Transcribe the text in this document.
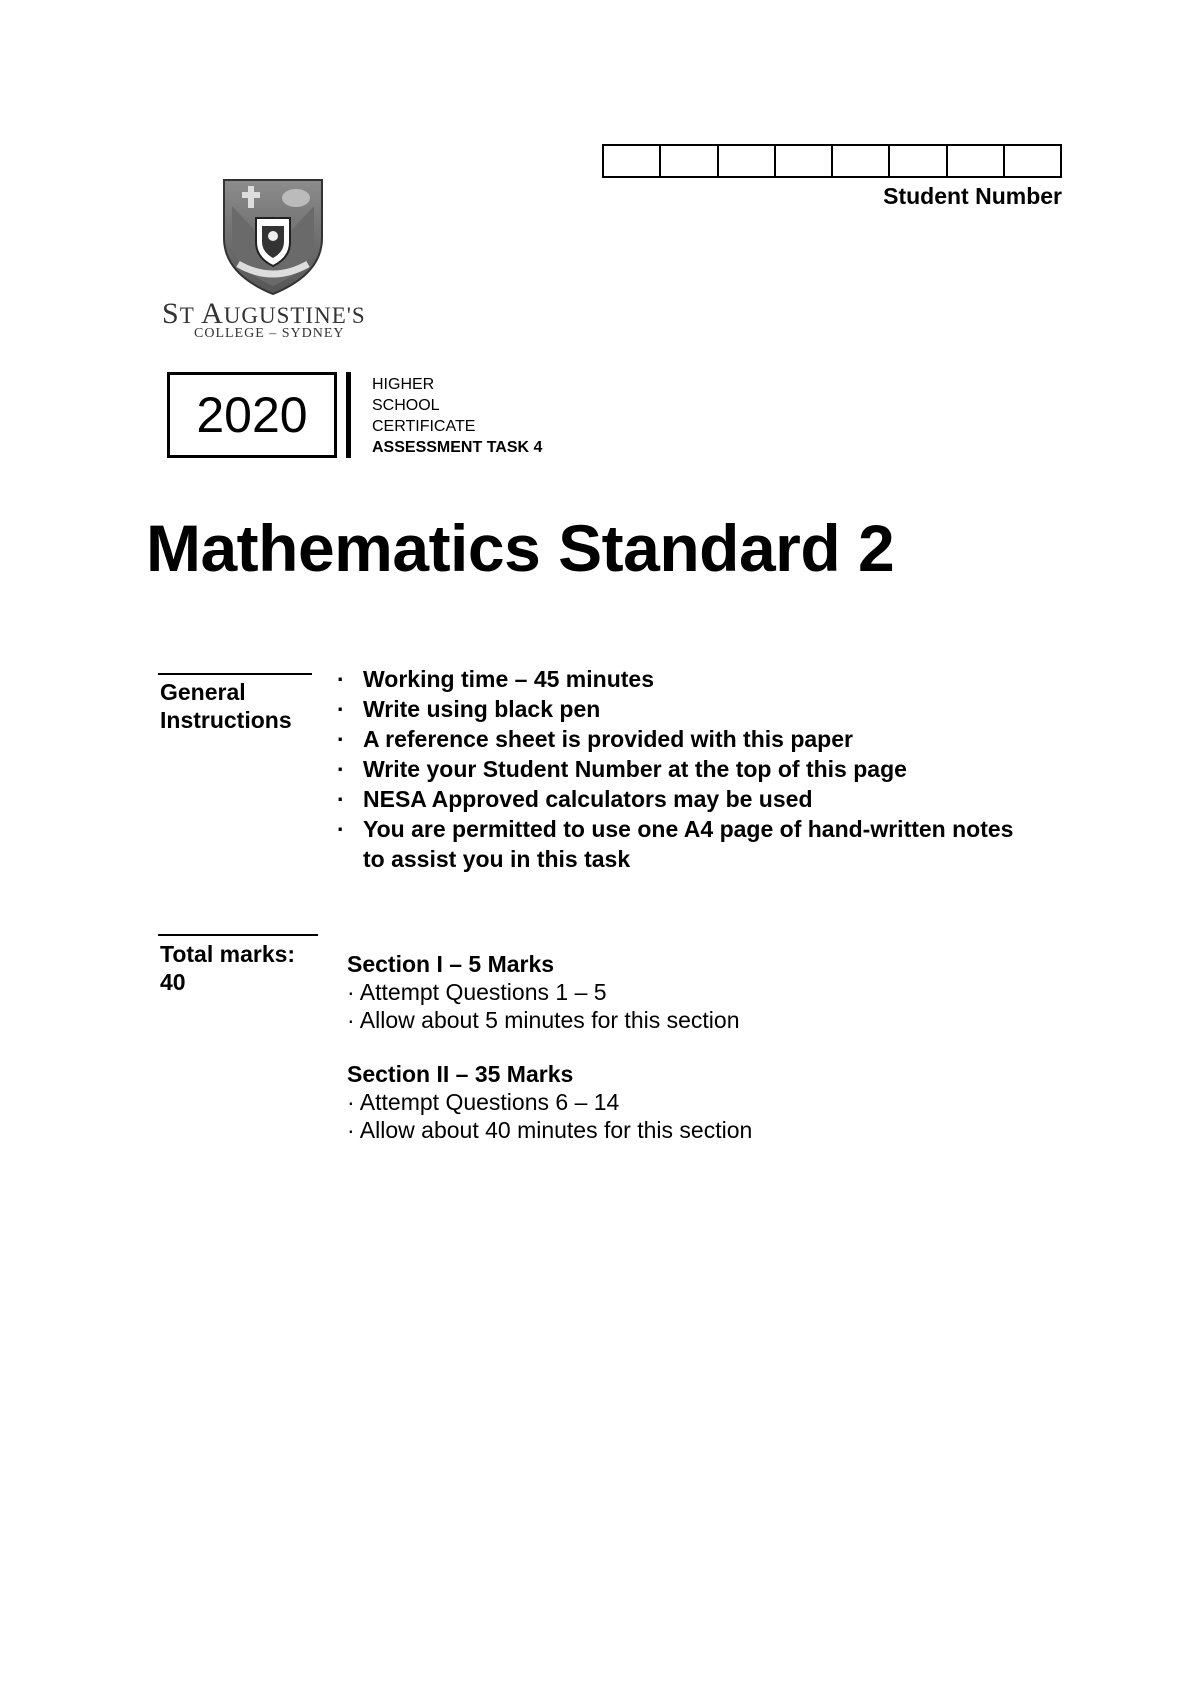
Student Number
ST AUGUSTINE'S
COLLEGE – SYDNEY
2020
HIGHER
SCHOOL
CERTIFICATE
ASSESSMENT TASK 4
Mathematics Standard 2
General
Instructions
· Working time – 45 minutes
· Write using black pen
· A reference sheet is provided with this paper
· Write your Student Number at the top of this page
· NESA Approved calculators may be used
· You are permitted to use one A4 page of hand-written notes
to assist you in this task
Total marks:
40
Section I – 5 Marks
· Attempt Questions 1 – 5
· Allow about 5 minutes for this section
Section II – 35 Marks
· Attempt Questions 6 – 14
· Allow about 40 minutes for this section
